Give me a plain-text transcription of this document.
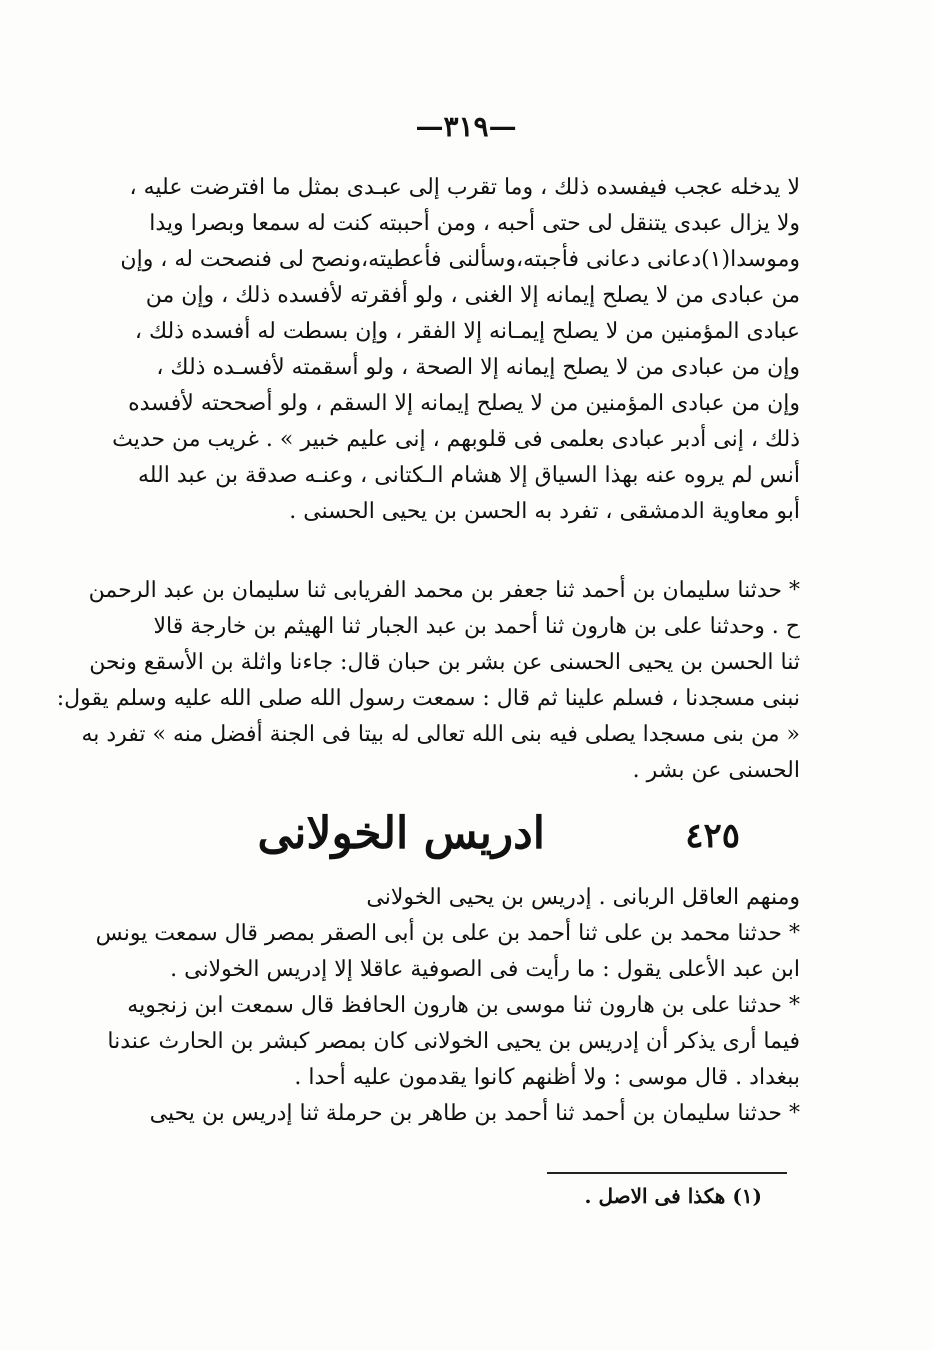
—٣١٩—
لا يدخله عجب فيفسده ذلك ، وما تقرب إلى عبـدى بمثل ما افترضت عليه ،
ولا يزال عبدى يتنقل لى حتى أحبه ، ومن أحببته كنت له سمعا وبصرا ويدا
وموسدا(١)دعانى دعانى فأجبته،وسألنى فأعطيته،ونصح لى فنصحت له ، وإن
من عبادى من لا يصلح إيمانه إلا الغنى ، ولو أفقرته لأفسده ذلك ، وإن من
عبادى المؤمنين من لا يصلح إيمـانه إلا الفقر ، وإن بسطت له أفسده ذلك ،
وإن من عبادى من لا يصلح إيمانه إلا الصحة ، ولو أسقمته لأفسـده ذلك ،
وإن من عبادى المؤمنين من لا يصلح إيمانه إلا السقم ، ولو أصححته لأفسده
ذلك ، إنى أدبر عبادى بعلمى فى قلوبهم ، إنى عليم خبير » . غريب من حديث
أنس لم يروه عنه بهذا السياق إلا هشام الـكتانى ، وعنـه صدقة بن عبد الله
أبو معاوية الدمشقى ، تفرد به الحسن بن يحيى الحسنى .
* حدثنا سليمان بن أحمد ثنا جعفر بن محمد الفريابى ثنا سليمان بن عبد الرحمن
ح . وحدثنا على بن هارون ثنا أحمد بن عبد الجبار ثنا الهيثم بن خارجة قالا
ثنا الحسن بن يحيى الحسنى عن بشر بن حبان قال: جاءنا واثلة بن الأسقع ونحن
نبنى مسجدنا ، فسلم علينا ثم قال : سمعت رسول الله صلى الله عليه وسلم يقول:
« من بنى مسجدا يصلى فيه بنى الله تعالى له بيتا فى الجنة أفضل منه » تفرد به
الحسنى عن بشر .
٤٢٥
ادريس الخولانى
ومنهم العاقل الربانى . إدريس بن يحيى الخولانى
* حدثنا محمد بن على ثنا أحمد بن على بن أبى الصقر بمصر قال سمعت يونس
ابن عبد الأعلى يقول : ما رأيت فى الصوفية عاقلا إلا إدريس الخولانى .
* حدثنا على بن هارون ثنا موسى بن هارون الحافظ قال سمعت ابن زنجويه
فيما أرى يذكر أن إدريس بن يحيى الخولانى كان بمصر كبشر بن الحارث عندنا
ببغداد . قال موسى : ولا أظنهم كانوا يقدمون عليه أحدا .
* حدثنا سليمان بن أحمد ثنا أحمد بن طاهر بن حرملة ثنا إدريس بن يحيى
(١) هكذا فى الاصل .
